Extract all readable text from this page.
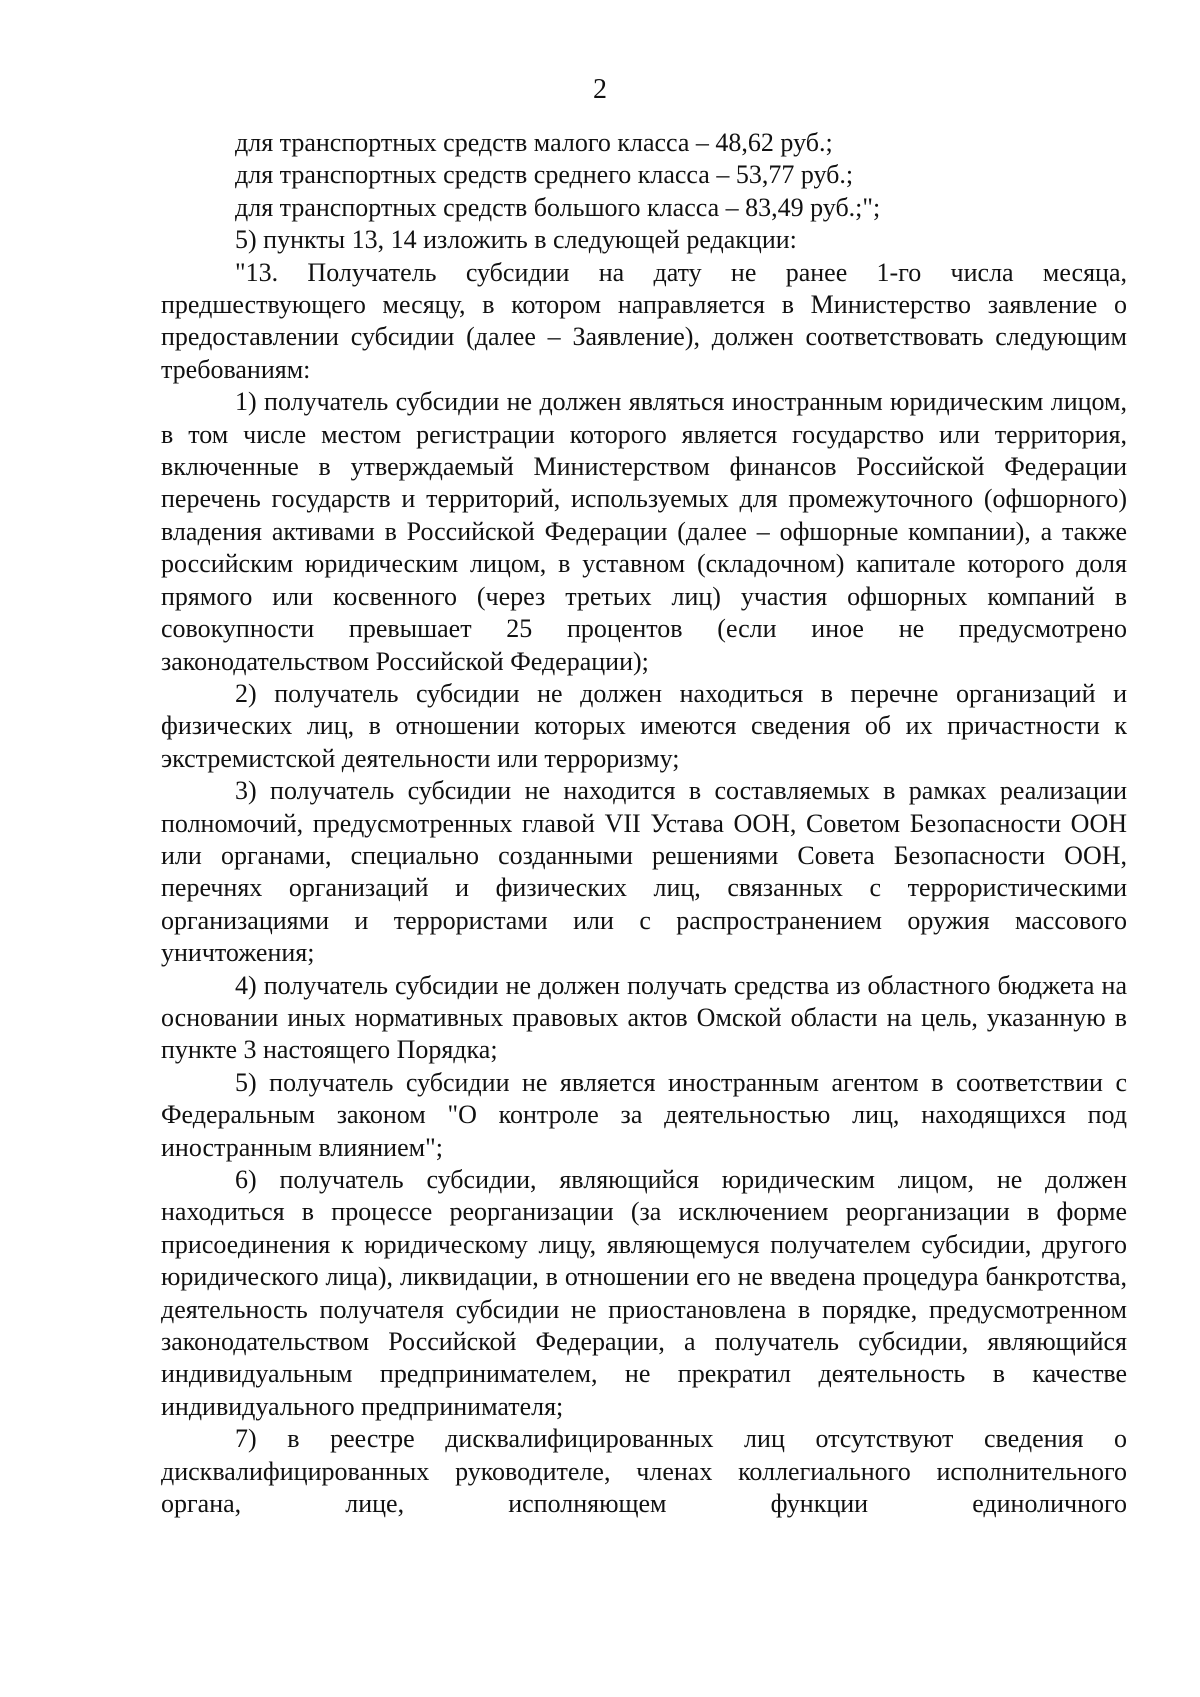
2

для транспортных средств малого класса – 48,62 руб.;

для транспортных средств среднего класса – 53,77 руб.;

для транспортных средств большого класса – 83,49 руб.;";

5) пункты 13, 14 изложить в следующей редакции:

"13. Получатель субсидии на дату не ранее 1-го числа месяца, предшествующего месяцу, в котором направляется в Министерство заявление о предоставлении субсидии (далее – Заявление), должен соответствовать следующим требованиям:

1) получатель субсидии не должен являться иностранным юридическим лицом, в том числе местом регистрации которого является государство или территория, включенные в утверждаемый Министерством финансов Российской Федерации перечень государств и территорий, используемых для промежуточного (офшорного) владения активами в Российской Федерации (далее – офшорные компании), а также российским юридическим лицом, в уставном (складочном) капитале которого доля прямого или косвенного (через третьих лиц) участия офшорных компаний в совокупности превышает 25 процентов (если иное не предусмотрено законодательством Российской Федерации);

2) получатель субсидии не должен находиться в перечне организаций и физических лиц, в отношении которых имеются сведения об их причастности к экстремистской деятельности или терроризму;

3) получатель субсидии не находится в составляемых в рамках реализации полномочий, предусмотренных главой VII Устава ООН, Советом Безопасности ООН или органами, специально созданными решениями Совета Безопасности ООН, перечнях организаций и физических лиц, связанных с террористическими организациями и террористами или с распространением оружия массового уничтожения;

4) получатель субсидии не должен получать средства из областного бюджета на основании иных нормативных правовых актов Омской области на цель, указанную в пункте 3 настоящего Порядка;

5) получатель субсидии не является иностранным агентом в соответствии с Федеральным законом "О контроле за деятельностью лиц, находящихся под иностранным влиянием";

6) получатель субсидии, являющийся юридическим лицом, не должен находиться в процессе реорганизации (за исключением реорганизации в форме присоединения к юридическому лицу, являющемуся получателем субсидии, другого юридического лица), ликвидации, в отношении его не введена процедура банкротства, деятельность получателя субсидии не приостановлена в порядке, предусмотренном законодательством Российской Федерации, а получатель субсидии, являющийся индивидуальным предпринимателем, не прекратил деятельность в качестве индивидуального предпринимателя;

7) в реестре дисквалифицированных лиц отсутствуют сведения о дисквалифицированных руководителе, членах коллегиального исполнительного органа, лице, исполняющем функции единоличного
